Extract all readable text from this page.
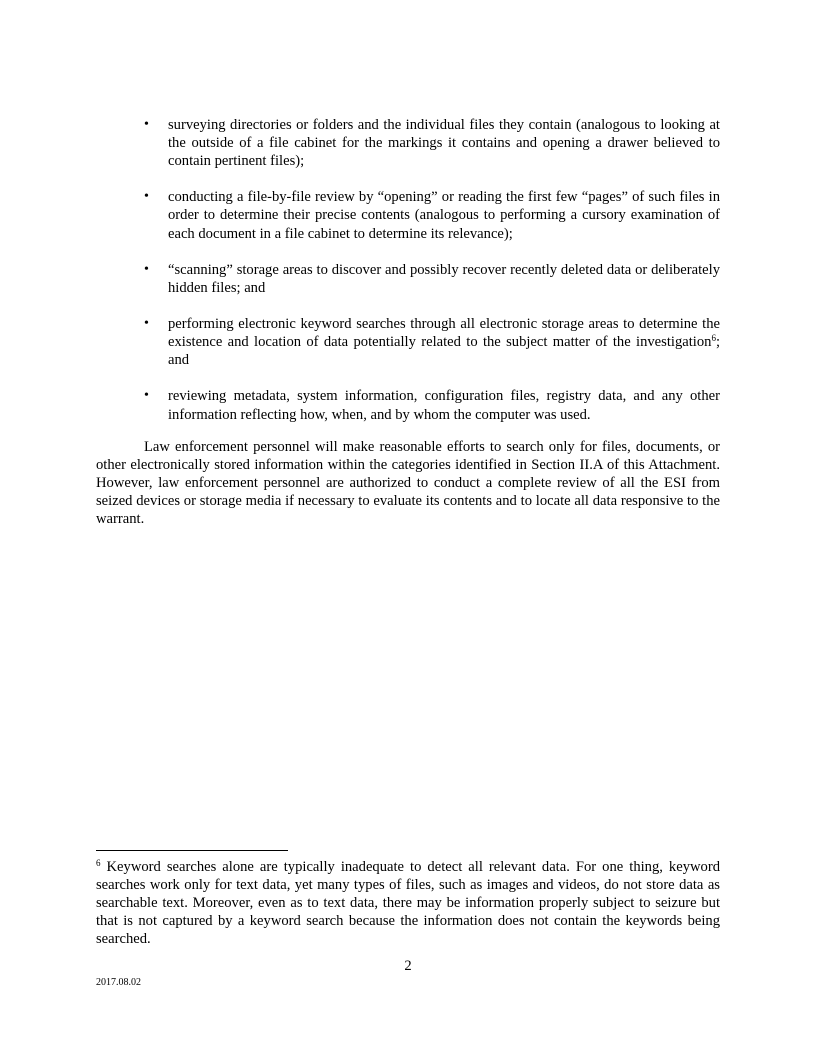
• surveying directories or folders and the individual files they contain (analogous to looking at the outside of a file cabinet for the markings it contains and opening a drawer believed to contain pertinent files);
• conducting a file-by-file review by “opening” or reading the first few “pages” of such files in order to determine their precise contents (analogous to performing a cursory examination of each document in a file cabinet to determine its relevance);
• “scanning” storage areas to discover and possibly recover recently deleted data or deliberately hidden files; and
• performing electronic keyword searches through all electronic storage areas to determine the existence and location of data potentially related to the subject matter of the investigation$^6$; and
• reviewing metadata, system information, configuration files, registry data, and any other information reflecting how, when, and by whom the computer was used.

Law enforcement personnel will make reasonable efforts to search only for files, documents, or other electronically stored information within the categories identified in Section II.A of this Attachment. However, law enforcement personnel are authorized to conduct a complete review of all the ESI from seized devices or storage media if necessary to evaluate its contents and to locate all data responsive to the warrant.

$^6$ Keyword searches alone are typically inadequate to detect all relevant data. For one thing, keyword searches work only for text data, yet many types of files, such as images and videos, do not store data as searchable text. Moreover, even as to text data, there may be information properly subject to seizure but that is not captured by a keyword search because the information does not contain the keywords being searched.

2
2017.08.02
